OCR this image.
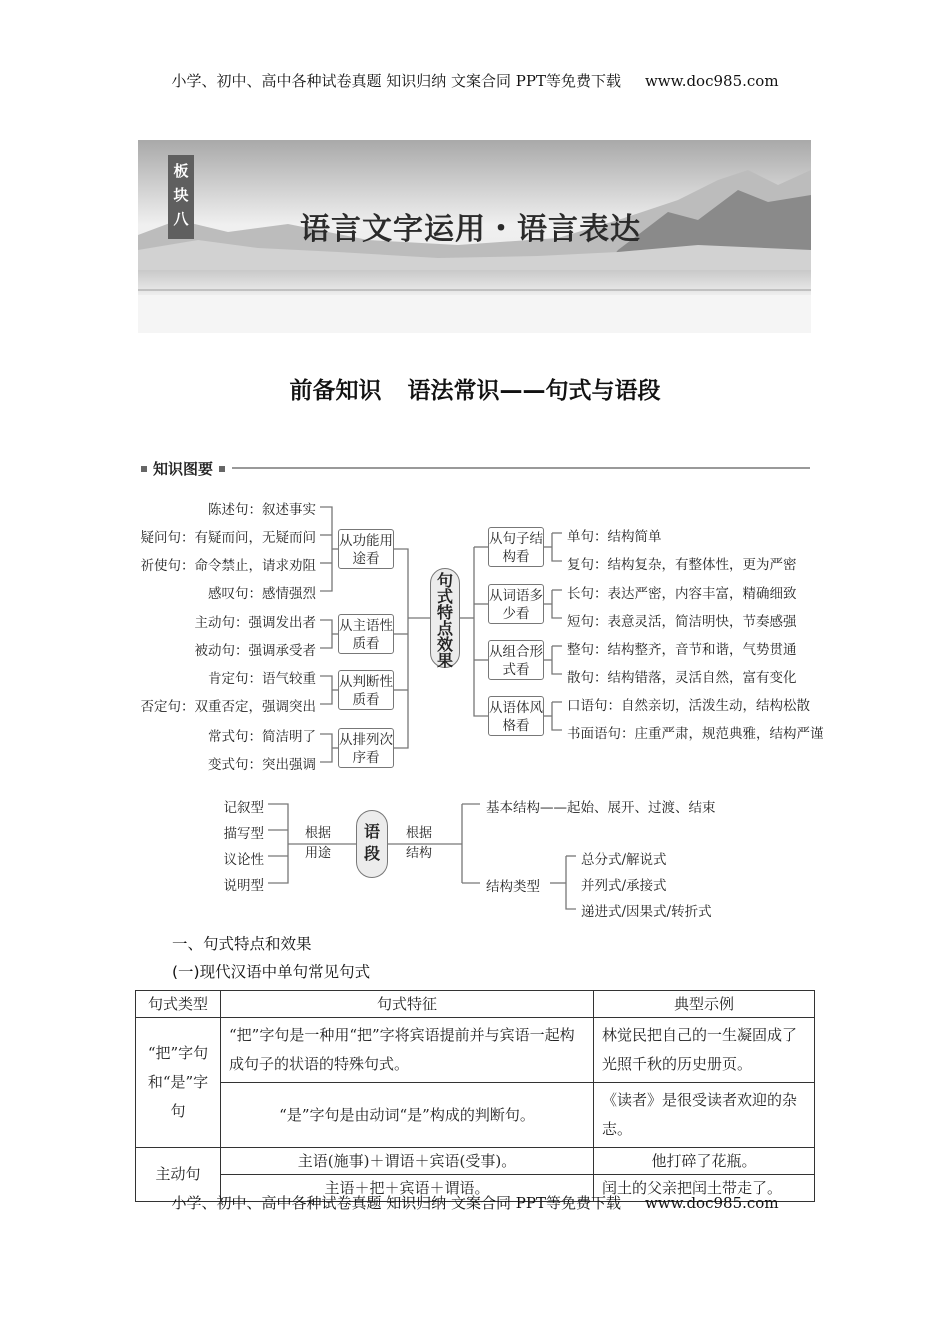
小学、初中、高中各种试卷真题 知识归纳 文案合同 PPT等免费下载 www.doc985.com
板
块
八	语言文字运用・语言表达
前备知识 语法常识——句式与语段
知识图要
陈述句：叙述事实
疑问句：有疑而问，无疑而问
祈使句：命令禁止，请求劝阻
感叹句：感情强烈
主动句：强调发出者
被动句：强调承受者
肯定句：语气较重
否定句：双重否定，强调突出
常式句：简洁明了
变式句：突出强调
从功能用途看
从主语性质看
从判断性质看
从排列次序看
句式特点效果
从句子结构看
从词语多少看
从组合形式看
从语体风格看
单句：结构简单
复句：结构复杂，有整体性，更为严密
长句：表达严密，内容丰富，精确细致
短句：表意灵活，简洁明快，节奏感强
整句：结构整齐，音节和谐，气势贯通
散句：结构错落，灵活自然，富有变化
口语句：自然亲切，活泼生动，结构松散
书面语句：庄重严肃，规范典雅，结构严谨
记叙型
描写型
议论性
说明型
根据用途
语段
根据结构
基本结构——起始、展开、过渡、结束
结构类型
总分式/解说式
并列式/承接式
递进式/因果式/转折式
一、句式特点和效果
(一)现代汉语中单句常见句式
句式类型	句式特征	典型示例
“把”字句和“是”字句	“把”字句是一种用“把”字将宾语提前并与宾语一起构成句子的状语的特殊句式。	林觉民把自己的一生凝固成了光照千秋的历史册页。
	“是”字句是由动词“是”构成的判断句。	《读者》是很受读者欢迎的杂志。
主动句	主语(施事)＋谓语＋宾语(受事)。	他打碎了花瓶。
	主语＋把＋宾语＋谓语。	闰土的父亲把闰土带走了。
小学、初中、高中各种试卷真题 知识归纳 文案合同 PPT等免费下载 www.doc985.com
